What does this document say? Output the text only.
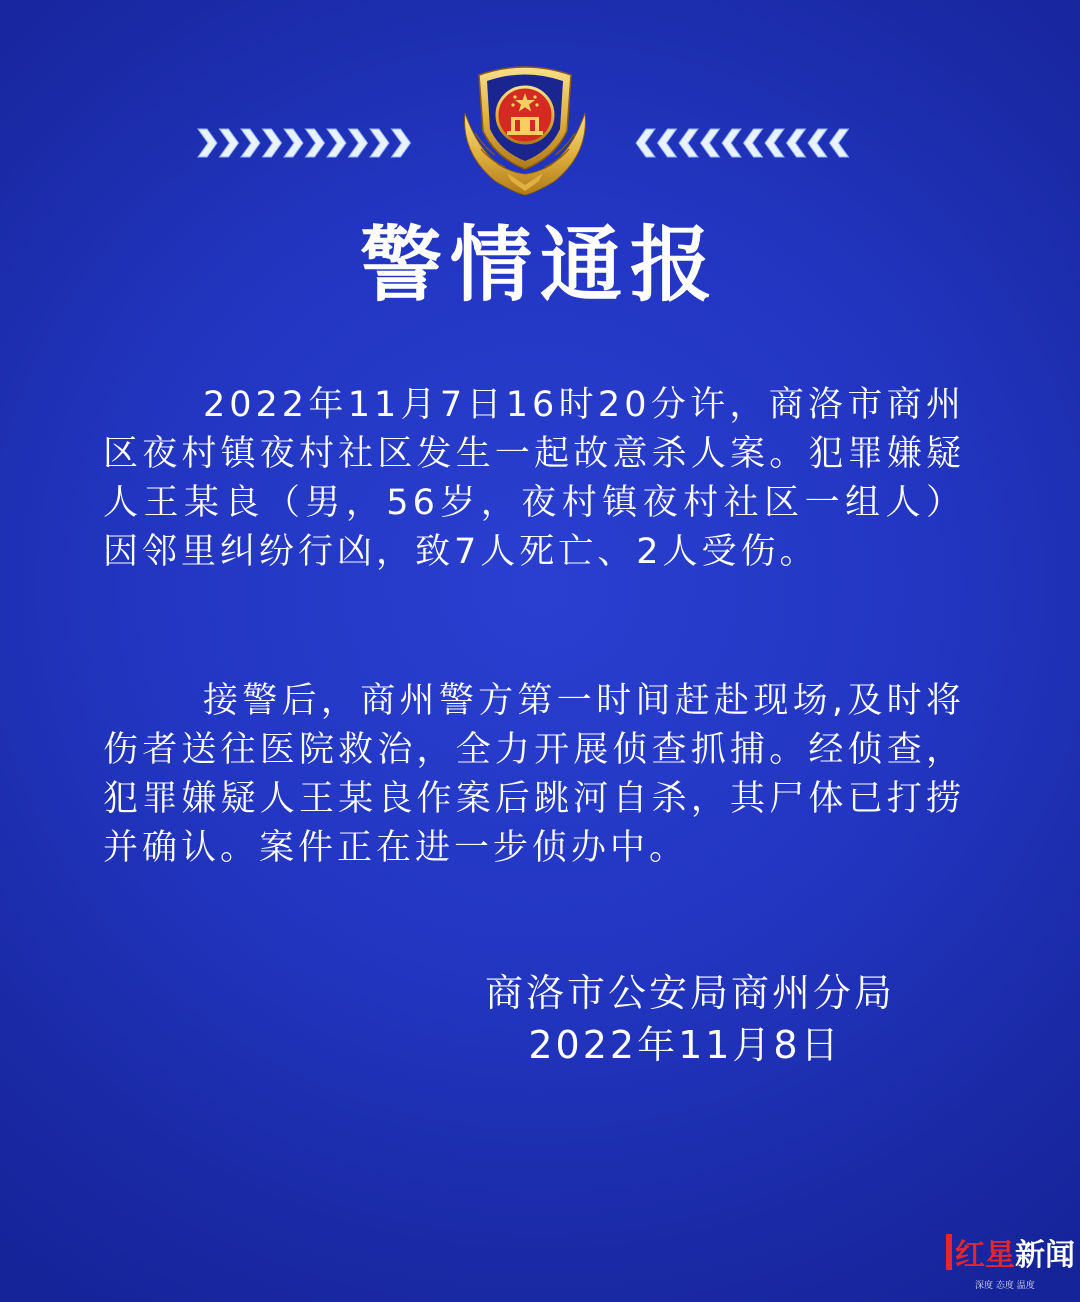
警情通报

2022年11月7日16时20分许，商洛市商州区夜村镇夜村社区发生一起故意杀人案。犯罪嫌疑人王某良（男，56岁，夜村镇夜村社区一组人）因邻里纠纷行凶，致7人死亡、2人受伤。

接警后，商州警方第一时间赶赴现场,及时将伤者送往医院救治，全力开展侦查抓捕。经侦查，犯罪嫌疑人王某良作案后跳河自杀，其尸体已打捞并确认。案件正在进一步侦办中。

商洛市公安局商州分局
2022年11月8日
红星新闻
深度 态度 温度
